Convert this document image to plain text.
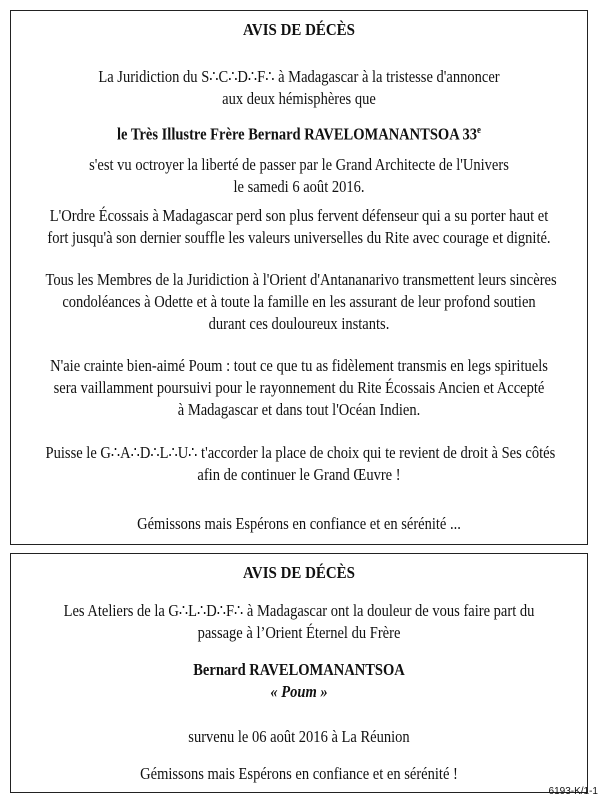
AVIS DE DÉCÈS

La Juridiction du S∴C∴D∴F∴ à Madagascar à la tristesse d'annoncer

aux deux hémisphères que

le Très Illustre Frère Bernard RAVELOMANANTSOA 33e

s'est vu octroyer la liberté de passer par le Grand Architecte de l'Univers

le samedi 6 août 2016.

L'Ordre Écossais à Madagascar perd son plus fervent défenseur qui a su porter haut et

fort jusqu'à son dernier souffle les valeurs universelles du Rite avec courage et dignité.

Tous les Membres de la Juridiction à l'Orient d'Antananarivo transmettent leurs sincères

condoléances à Odette et à toute la famille en les assurant de leur profond soutien

durant ces douloureux instants.

N'aie crainte bien-aimé Poum : tout ce que tu as fidèlement transmis en legs spirituels

sera vaillamment poursuivi pour le rayonnement du Rite Écossais Ancien et Accepté

à Madagascar et dans tout l'Océan Indien.

Puisse le G∴A∴D∴L∴U∴ t'accorder la place de choix qui te revient de droit à Ses côtés

afin de continuer le Grand Œuvre !

Gémissons mais Espérons en confiance et en sérénité ...

AVIS DE DÉCÈS

Les Ateliers de la G∴L∴D∴F∴ à Madagascar ont la douleur de vous faire part du

passage à l’Orient Éternel du Frère

Bernard RAVELOMANANTSOA

« Poum »

survenu le 06 août 2016 à La Réunion

Gémissons mais Espérons en confiance et en sérénité !

6193-K/1-1
